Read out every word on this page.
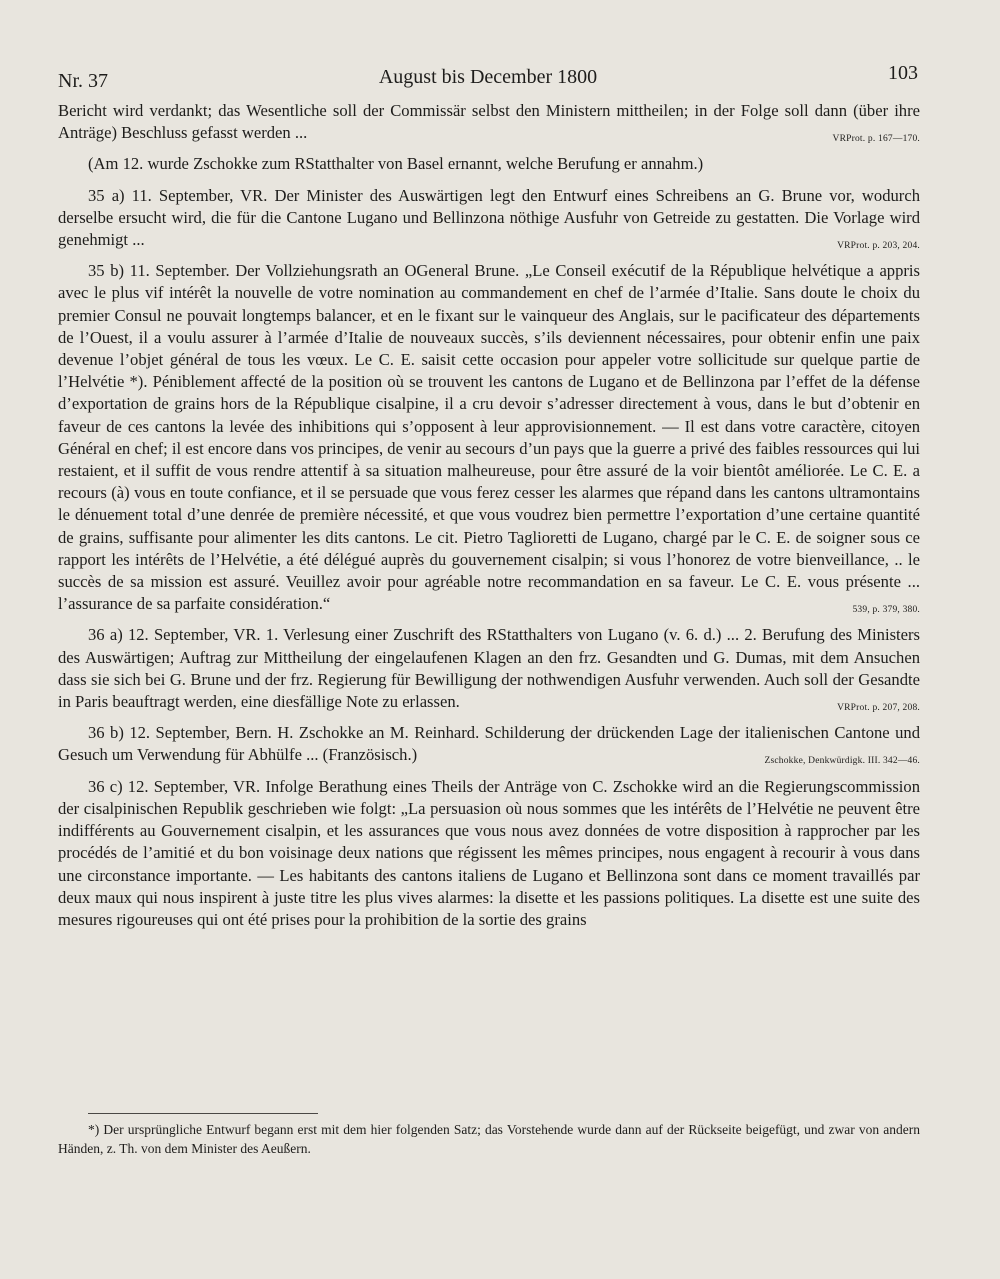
Nr. 37	August bis December 1800	103

Bericht wird verdankt; das Wesentliche soll der Commissär selbst den Ministern mittheilen; in der Folge soll dann (über ihre Anträge) Beschluss gefasst werden ...	VRProt. p. 167—170.

(Am 12. wurde Zschokke zum RStatthalter von Basel ernannt, welche Berufung er annahm.)

35 a) 11. September, VR. Der Minister des Auswärtigen legt den Entwurf eines Schreibens an G. Brune vor, wodurch derselbe ersucht wird, die für die Cantone Lugano und Bellinzona nöthige Ausfuhr von Getreide zu gestatten. Die Vorlage wird genehmigt ...	VRProt. p. 203, 204.

35 b) 11. September. Der Vollziehungsrath an OGeneral Brune. „Le Conseil exécutif de la République helvétique a appris avec le plus vif intérêt la nouvelle de votre nomination au commandement en chef de l’armée d’Italie. Sans doute le choix du premier Consul ne pouvait longtemps balancer, et en le fixant sur le vainqueur des Anglais, sur le pacificateur des départements de l’Ouest, il a voulu assurer à l’armée d’Italie de nouveaux succès, s’ils deviennent nécessaires, pour obtenir enfin une paix devenue l’objet général de tous les vœux. Le C. E. saisit cette occasion pour appeler votre sollicitude sur quelque partie de l’Helvétie *). Péniblement affecté de la position où se trouvent les cantons de Lugano et de Bellinzona par l’effet de la défense d’exportation de grains hors de la République cisalpine, il a cru devoir s’adresser directement à vous, dans le but d’obtenir en faveur de ces cantons la levée des inhibitions qui s’opposent à leur approvisionnement. — Il est dans votre caractère, citoyen Général en chef; il est encore dans vos principes, de venir au secours d’un pays que la guerre a privé des faibles ressources qui lui restaient, et il suffit de vous rendre attentif à sa situation malheureuse, pour être assuré de la voir bientôt améliorée. Le C. E. a recours (à) vous en toute confiance, et il se persuade que vous ferez cesser les alarmes que répand dans les cantons ultramontains le dénuement total d’une denrée de première nécessité, et que vous voudrez bien permettre l’exportation d’une certaine quantité de grains, suffisante pour alimenter les dits cantons. Le cit. Pietro Taglioretti de Lugano, chargé par le C. E. de soigner sous ce rapport les intérêts de l’Helvétie, a été délégué auprès du gouvernement cisalpin; si vous l’honorez de votre bienveillance, .. le succès de sa mission est assuré. Veuillez avoir pour agréable notre recommandation en sa faveur. Le C. E. vous présente ... l’assurance de sa parfaite considération.“	539, p. 379, 380.

36 a) 12. September, VR. 1. Verlesung einer Zuschrift des RStatthalters von Lugano (v. 6. d.) ... 2. Berufung des Ministers des Auswärtigen; Auftrag zur Mittheilung der eingelaufenen Klagen an den frz. Gesandten und G. Dumas, mit dem Ansuchen dass sie sich bei G. Brune und der frz. Regierung für Bewilligung der nothwendigen Ausfuhr verwenden. Auch soll der Gesandte in Paris beauftragt werden, eine diesfällige Note zu erlassen.	VRProt. p. 207, 208.

36 b) 12. September, Bern. H. Zschokke an M. Reinhard. Schilderung der drückenden Lage der italienischen Cantone und Gesuch um Verwendung für Abhülfe ... (Französisch.)	Zschokke, Denkwürdigk. III. 342—46.

36 c) 12. September, VR. Infolge Berathung eines Theils der Anträge von C. Zschokke wird an die Regierungscommission der cisalpinischen Republik geschrieben wie folgt: „La persuasion où nous sommes que les intérêts de l’Helvétie ne peuvent être indifférents au Gouvernement cisalpin, et les assurances que vous nous avez données de votre disposition à rapprocher par les procédés de l’amitié et du bon voisinage deux nations que régissent les mêmes principes, nous engagent à recourir à vous dans une circonstance importante. — Les habitants des cantons italiens de Lugano et Bellinzona sont dans ce moment travaillés par deux maux qui nous inspirent à juste titre les plus vives alarmes: la disette et les passions politiques. La disette est une suite des mesures rigoureuses qui ont été prises pour la prohibition de la sortie des grains

*) Der ursprüngliche Entwurf begann erst mit dem hier folgenden Satz; das Vorstehende wurde dann auf der Rückseite beigefügt, und zwar von andern Händen, z. Th. von dem Minister des Aeußern.
